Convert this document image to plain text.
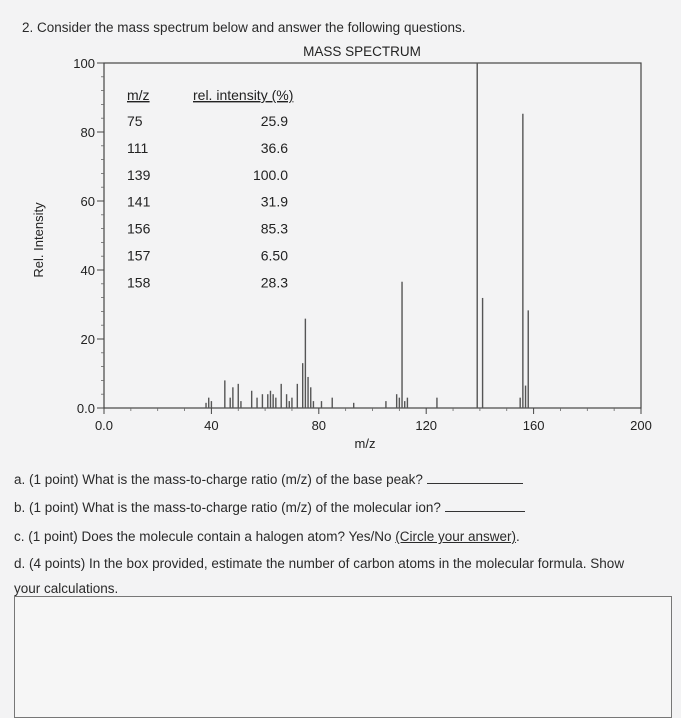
2. Consider the mass spectrum below and answer the following questions.
MASS SPECTRUM
100
80
60
40
20
0.0
0.0	40	80	120	160	200
Rel. Intensity
m/z
m/z	rel. intensity (%)
75	25.9
111	36.6
139	100.0
141	31.9
156	85.3
157	6.50
158	28.3
a. (1 point) What is the mass-to-charge ratio (m/z) of the base peak?
b. (1 point) What is the mass-to-charge ratio (m/z) of the molecular ion?
c. (1 point) Does the molecule contain a halogen atom? Yes/No (Circle your answer).
d. (4 points) In the box provided, estimate the number of carbon atoms in the molecular formula. Show
your calculations.
